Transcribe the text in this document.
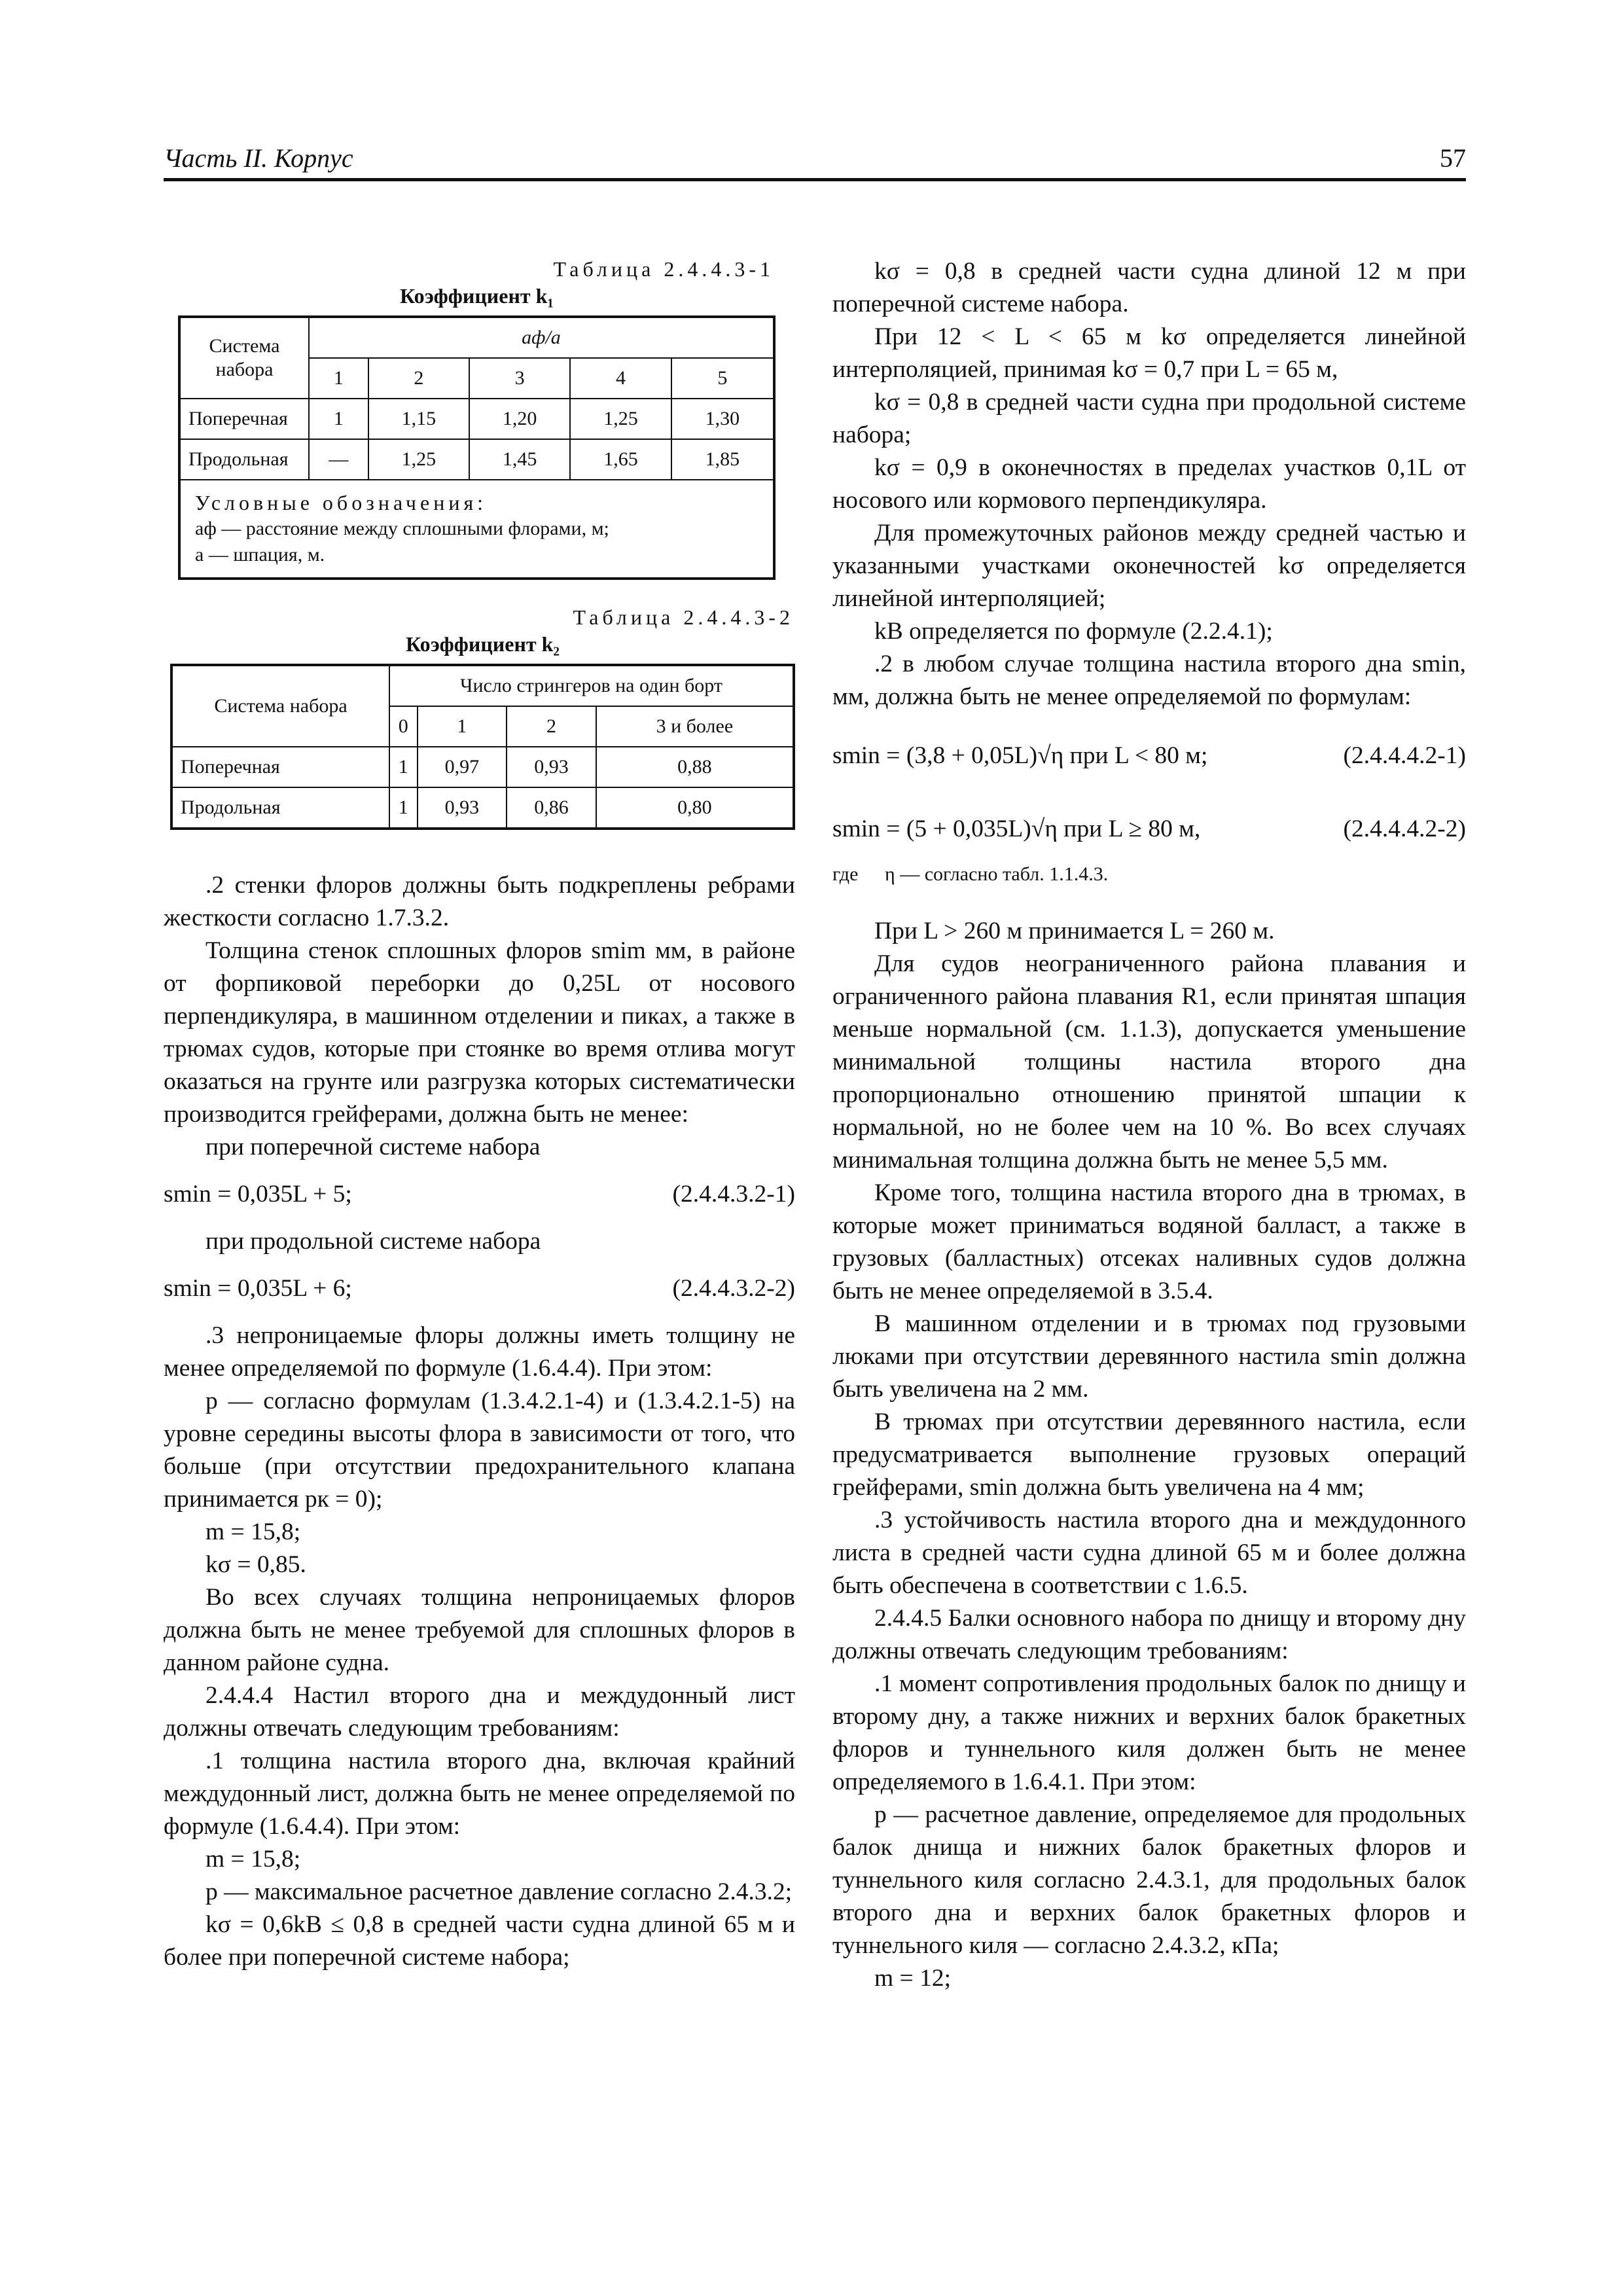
Часть II. Корпус	57
Таблица 2.4.4.3-1
Коэффициент k₁
Система набора	aф/a				
	1	2	3	4	5
Поперечная	1	1,15	1,20	1,25	1,30
Продольная	—	1,25	1,45	1,65	1,85

Условные обозначения:
aф — расстояние между сплошными флорами, м;
a — шпация, м.					
Таблица 2.4.4.3-2
Коэффициент k₂
Система набора	Число стрингеров на один борт			
	0	1	2	3 и более
Поперечная	1	0,97	0,93	0,88
Продольная	1	0,93	0,86	0,80

.2 стенки флоров должны быть подкреплены ребрами жесткости согласно 1.7.3.2.

Толщина стенок сплошных флоров smim мм, в районе от форпиковой переборки до 0,25L от носового перпендикуляра, в машинном отделении и пиках, а также в трюмах судов, которые при стоянке во время отлива могут оказаться на грунте или разгрузка которых систематически производится грейферами, должна быть не менее:

при поперечной системе набора

smin = 0,035L + 5;	(2.4.4.3.2-1)

при продольной системе набора

smin = 0,035L + 6;	(2.4.4.3.2-2)

.3 непроницаемые флоры должны иметь толщину не менее определяемой по формуле (1.6.4.4). При этом:

p — согласно формулам (1.3.4.2.1-4) и (1.3.4.2.1-5) на уровне середины высоты флора в зависимости от того, что больше (при отсутствии предохранительного клапана принимается pк = 0);

m = 15,8;

kσ = 0,85.

Во всех случаях толщина непроницаемых флоров должна быть не менее требуемой для сплошных флоров в данном районе судна.

2.4.4.4 Настил второго дна и междудонный лист должны отвечать следующим требованиям:

.1 толщина настила второго дна, включая крайний междудонный лист, должна быть не менее определяемой по формуле (1.6.4.4). При этом:

m = 15,8;

p — максимальное расчетное давление согласно 2.4.3.2;

kσ = 0,6kB ≤ 0,8 в средней части судна длиной 65 м и более при поперечной системе набора;

kσ = 0,8 в средней части судна длиной 12 м при поперечной системе набора.

При 12 < L < 65 м kσ определяется линейной интерполяцией, принимая kσ = 0,7 при L = 65 м,

kσ = 0,8 в средней части судна при продольной системе набора;

kσ = 0,9 в оконечностях в пределах участков 0,1L от носового или кормового перпендикуляра.

Для промежуточных районов между средней частью и указанными участками оконечностей kσ определяется линейной интерполяцией;

kB определяется по формуле (2.2.4.1);

.2 в любом случае толщина настила второго дна smin, мм, должна быть не менее определяемой по формулам:

smin = (3,8 + 0,05L)√η при L < 80 м;	(2.4.4.4.2-1)
smin = (5 + 0,035L)√η при L ≥ 80 м,	(2.4.4.4.2-2)
где η — согласно табл. 1.1.4.3.

При L > 260 м принимается L = 260 м.

Для судов неограниченного района плавания и ограниченного района плавания R1, если принятая шпация меньше нормальной (см. 1.1.3), допускается уменьшение минимальной толщины настила второго дна пропорционально отношению принятой шпации к нормальной, но не более чем на 10 %. Во всех случаях минимальная толщина должна быть не менее 5,5 мм.

Кроме того, толщина настила второго дна в трюмах, в которые может приниматься водяной балласт, а также в грузовых (балластных) отсеках наливных судов должна быть не менее определяемой в 3.5.4.

В машинном отделении и в трюмах под грузовыми люками при отсутствии деревянного настила smin должна быть увеличена на 2 мм.

В трюмах при отсутствии деревянного настила, если предусматривается выполнение грузовых операций грейферами, smin должна быть увеличена на 4 мм;

.3 устойчивость настила второго дна и междудонного листа в средней части судна длиной 65 м и более должна быть обеспечена в соответствии с 1.6.5.

2.4.4.5 Балки основного набора по днищу и второму дну должны отвечать следующим требованиям:

.1 момент сопротивления продольных балок по днищу и второму дну, а также нижних и верхних балок бракетных флоров и туннельного киля должен быть не менее определяемого в 1.6.4.1. При этом:

p — расчетное давление, определяемое для продольных балок днища и нижних балок бракетных флоров и туннельного киля согласно 2.4.3.1, для продольных балок второго дна и верхних балок бракетных флоров и туннельного киля — согласно 2.4.3.2, кПа;

m = 12;
